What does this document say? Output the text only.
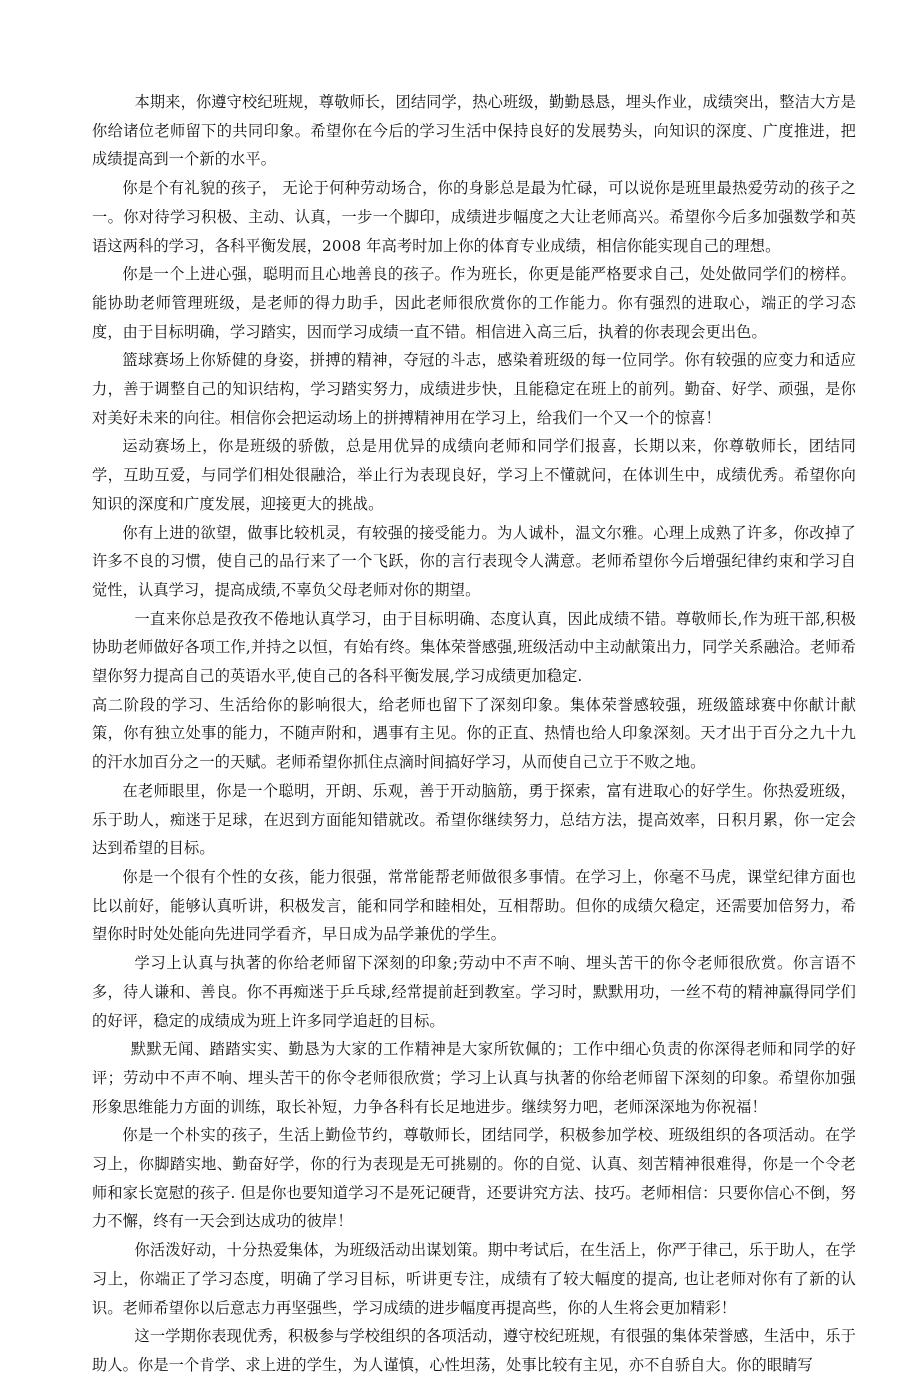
本期来，你遵守校纪班规，尊敬师长，团结同学，热心班级，勤勤恳恳，埋头作业，成绩突出，整洁大方是你给诸位老师留下的共同印象。希望你在今后的学习生活中保持良好的发展势头，向知识的深度、广度推进，把成绩提高到一个新的水平。

你是个有礼貌的孩子， 无论于何种劳动场合，你的身影总是最为忙碌，可以说你是班里最热爱劳动的孩子之一。你对待学习积极、主动、认真，一步一个脚印，成绩进步幅度之大让老师高兴。希望你今后多加强数学和英语这两科的学习，各科平衡发展，2008 年高考时加上你的体育专业成绩，相信你能实现自己的理想。

你是一个上进心强，聪明而且心地善良的孩子。作为班长，你更是能严格要求自己，处处做同学们的榜样。能协助老师管理班级，是老师的得力助手，因此老师很欣赏你的工作能力。你有强烈的进取心，端正的学习态度，由于目标明确，学习踏实，因而学习成绩一直不错。相信进入高三后，执着的你表现会更出色。

篮球赛场上你矫健的身姿，拼搏的精神，夺冠的斗志，感染着班级的每一位同学。你有较强的应变力和适应力，善于调整自己的知识结构，学习踏实努力，成绩进步快，且能稳定在班上的前列。勤奋、好学、顽强，是你对美好未来的向往。相信你会把运动场上的拼搏精神用在学习上，给我们一个又一个的惊喜！

运动赛场上，你是班级的骄傲，总是用优异的成绩向老师和同学们报喜，长期以来，你尊敬师长，团结同学，互助互爱，与同学们相处很融洽，举止行为表现良好，学习上不懂就问，在体训生中，成绩优秀。希望你向知识的深度和广度发展，迎接更大的挑战。

你有上进的欲望，做事比较机灵，有较强的接受能力。为人诚朴，温文尔雅。心理上成熟了许多，你改掉了许多不良的习惯，使自己的品行来了一个飞跃，你的言行表现令人满意。老师希望你今后增强纪律约束和学习自觉性，认真学习，提高成绩,不辜负父母老师对你的期望。

一直来你总是孜孜不倦地认真学习，由于目标明确、态度认真，因此成绩不错。尊敬师长,作为班干部,积极协助老师做好各项工作,并持之以恒，有始有终。集体荣誉感强,班级活动中主动献策出力，同学关系融洽。老师希望你努力提高自己的英语水平,使自己的各科平衡发展,学习成绩更加稳定.

高二阶段的学习、生活给你的影响很大，给老师也留下了深刻印象。集体荣誉感较强，班级篮球赛中你献计献策，你有独立处事的能力，不随声附和，遇事有主见。你的正直、热情也给人印象深刻。天才出于百分之九十九的汗水加百分之一的天赋。老师希望你抓住点滴时间搞好学习，从而使自己立于不败之地。

在老师眼里，你是一个聪明，开朗、乐观，善于开动脑筋，勇于探索，富有进取心的好学生。你热爱班级，乐于助人，痴迷于足球，在迟到方面能知错就改。希望你继续努力，总结方法，提高效率，日积月累，你一定会达到希望的目标。

你是一个很有个性的女孩，能力很强，常常能帮老师做很多事情。在学习上，你毫不马虎，课堂纪律方面也比以前好，能够认真听讲，积极发言，能和同学和睦相处，互相帮助。但你的成绩欠稳定，还需要加倍努力，希望你时时处处能向先进同学看齐，早日成为品学兼优的学生。

学习上认真与执著的你给老师留下深刻的印象;劳动中不声不响、埋头苦干的你令老师很欣赏。你言语不多，待人谦和、善良。你不再痴迷于乒乓球,经常提前赶到教室。学习时，默默用功，一丝不苟的精神赢得同学们的好评，稳定的成绩成为班上许多同学追赶的目标。

默默无闻、踏踏实实、勤恳为大家的工作精神是大家所钦佩的；工作中细心负责的你深得老师和同学的好评；劳动中不声不响、埋头苦干的你令老师很欣赏；学习上认真与执著的你给老师留下深刻的印象。希望你加强形象思维能力方面的训练，取长补短，力争各科有长足地进步。继续努力吧，老师深深地为你祝福！

你是一个朴实的孩子，生活上勤俭节约，尊敬师长，团结同学，积极参加学校、班级组织的各项活动。在学习上，你脚踏实地、勤奋好学，你的行为表现是无可挑剔的。你的自觉、认真、刻苦精神很难得，你是一个令老师和家长宽慰的孩子. 但是你也要知道学习不是死记硬背，还要讲究方法、技巧。老师相信：只要你信心不倒，努力不懈，终有一天会到达成功的彼岸！

你活泼好动，十分热爱集体，为班级活动出谋划策。期中考试后，在生活上，你严于律己，乐于助人，在学习上，你端正了学习态度，明确了学习目标，听讲更专注，成绩有了较大幅度的提高, 也让老师对你有了新的认识。老师希望你以后意志力再坚强些，学习成绩的进步幅度再提高些，你的人生将会更加精彩！

这一学期你表现优秀，积极参与学校组织的各项活动，遵守校纪班规，有很强的集体荣誉感，生活中，乐于助人。你是一个肯学、求上进的学生，为人谨慎，心性坦荡，处事比较有主见，亦不自骄自大。你的眼睛写
